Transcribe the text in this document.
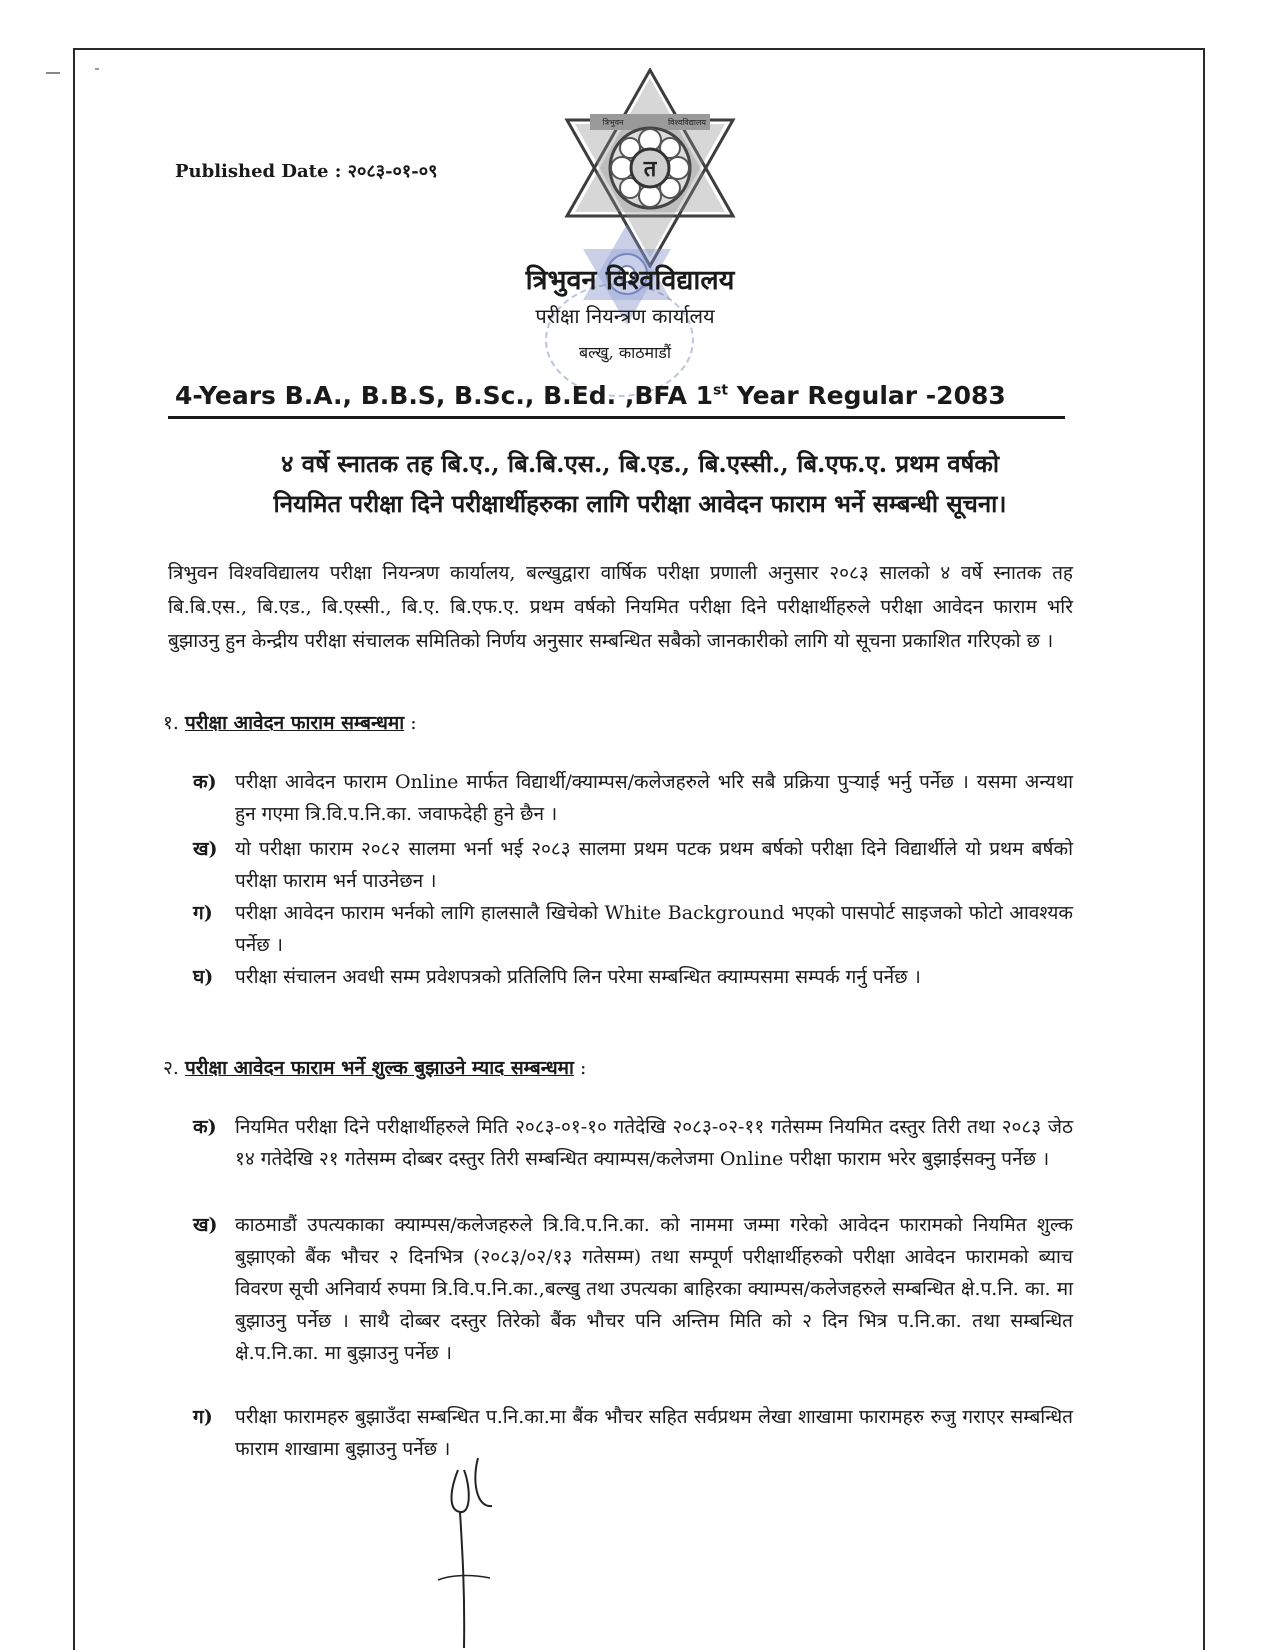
Published Date : २०८३-०१-०९	त
त्रिभुवन	विश्वविद्यालय
त्रिभुवन विश्वविद्यालय
परीक्षा नियन्त्रण कार्यालय
बल्खु, काठमाडौं
4-Years B.A., B.B.S, B.Sc., B.Ed. ,BFA 1st Year Regular -2083
४ वर्षे स्नातक तह बि.ए., बि.बि.एस., बि.एड., बि.एस्सी., बि.एफ.ए. प्रथम वर्षको
नियमित परीक्षा दिने परीक्षार्थीहरुका लागि परीक्षा आवेदन फाराम भर्ने सम्बन्धी सूचना।
त्रिभुवन विश्वविद्यालय परीक्षा नियन्त्रण कार्यालय, बल्खुद्वारा वार्षिक परीक्षा प्रणाली अनुसार २०८३ सालको ४ वर्षे स्नातक तह बि.बि.एस., बि.एड., बि.एस्सी., बि.ए. बि.एफ.ए. प्रथम वर्षको नियमित परीक्षा दिने परीक्षार्थीहरुले परीक्षा आवेदन फाराम भरि बुझाउनु हुन केन्द्रीय परीक्षा संचालक समितिको निर्णय अनुसार सम्बन्धित सबैको जानकारीको लागि यो सूचना प्रकाशित गरिएको छ ।
१. परीक्षा आवेदन फाराम सम्बन्धमा :
क) परीक्षा आवेदन फाराम Online मार्फत विद्यार्थी/क्याम्पस/कलेजहरुले भरि सबै प्रक्रिया पुऱ्याई भर्नु पर्नेछ । यसमा अन्यथा हुन गएमा त्रि.वि.प.नि.का. जवाफदेही हुने छैन ।
ख) यो परीक्षा फाराम २०८२ सालमा भर्ना भई २०८३ सालमा प्रथम पटक प्रथम बर्षको परीक्षा दिने विद्यार्थीले यो प्रथम बर्षको परीक्षा फाराम भर्न पाउनेछन ।
ग) परीक्षा आवेदन फाराम भर्नको लागि हालसालै खिचेको White Background भएको पासपोर्ट साइजको फोटो आवश्यक पर्नेछ ।
घ) परीक्षा संचालन अवधी सम्म प्रवेशपत्रको प्रतिलिपि लिन परेमा सम्बन्धित क्याम्पसमा सम्पर्क गर्नु पर्नेछ ।
२. परीक्षा आवेदन फाराम भर्ने शुल्क बुझाउने म्याद सम्बन्धमा :
क) नियमित परीक्षा दिने परीक्षार्थीहरुले मिति २०८३-०१-१० गतेदेखि २०८३-०२-११ गतेसम्म नियमित दस्तुर तिरी तथा २०८३ जेठ १४ गतेदेखि २१ गतेसम्म दोब्बर दस्तुर तिरी सम्बन्धित क्याम्पस/कलेजमा Online परीक्षा फाराम भरेर बुझाईसक्नु पर्नेछ ।
ख) काठमाडौं उपत्यकाका क्याम्पस/कलेजहरुले त्रि.वि.प.नि.का. को नाममा जम्मा गरेको आवेदन फारामको नियमित शुल्क बुझाएको बैंक भौचर २ दिनभित्र (२०८३/०२/१३ गतेसम्म) तथा सम्पूर्ण परीक्षार्थीहरुको परीक्षा आवेदन फारामको ब्याच विवरण सूची अनिवार्य रुपमा त्रि.वि.प.नि.का.,बल्खु तथा उपत्यका बाहिरका क्याम्पस/कलेजहरुले सम्बन्धित क्षे.प.नि. का. मा बुझाउनु पर्नेछ । साथै दोब्बर दस्तुर तिरेको बैंक भौचर पनि अन्तिम मिति को २ दिन भित्र प.नि.का. तथा सम्बन्धित क्षे.प.नि.का. मा बुझाउनु पर्नेछ ।
ग) परीक्षा फारामहरु बुझाउँदा सम्बन्धित प.नि.का.मा बैंक भौचर सहित सर्वप्रथम लेखा शाखामा फारामहरु रुजु गराएर सम्बन्धित फाराम शाखामा बुझाउनु पर्नेछ ।
